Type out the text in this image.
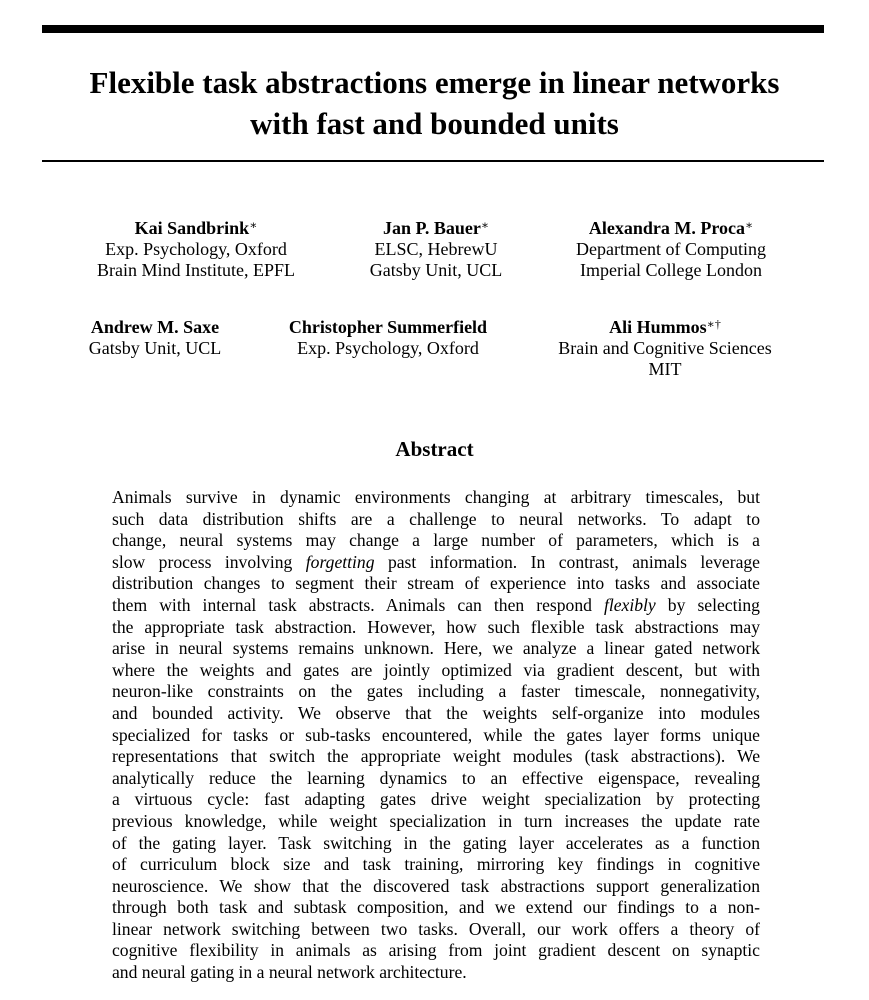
Flexible task abstractions emerge in linear networks
with fast and bounded units
Kai Sandbrink∗
Exp. Psychology, Oxford
Brain Mind Institute, EPFL
Jan P. Bauer∗
ELSC, HebrewU
Gatsby Unit, UCL
Alexandra M. Proca∗
Department of Computing
Imperial College London
Andrew M. Saxe
Gatsby Unit, UCL
Christopher Summerfield
Exp. Psychology, Oxford
Ali Hummos∗†
Brain and Cognitive Sciences
MIT
Abstract
Animals survive in dynamic environments changing at arbitrary timescales, but
such data distribution shifts are a challenge to neural networks. To adapt to
change, neural systems may change a large number of parameters, which is a
slow process involving forgetting past information. In contrast, animals leverage
distribution changes to segment their stream of experience into tasks and associate
them with internal task abstracts. Animals can then respond flexibly by selecting
the appropriate task abstraction. However, how such flexible task abstractions may
arise in neural systems remains unknown. Here, we analyze a linear gated network
where the weights and gates are jointly optimized via gradient descent, but with
neuron-like constraints on the gates including a faster timescale, nonnegativity,
and bounded activity. We observe that the weights self-organize into modules
specialized for tasks or sub-tasks encountered, while the gates layer forms unique
representations that switch the appropriate weight modules (task abstractions). We
analytically reduce the learning dynamics to an effective eigenspace, revealing
a virtuous cycle: fast adapting gates drive weight specialization by protecting
previous knowledge, while weight specialization in turn increases the update rate
of the gating layer. Task switching in the gating layer accelerates as a function
of curriculum block size and task training, mirroring key findings in cognitive
neuroscience. We show that the discovered task abstractions support generalization
through both task and subtask composition, and we extend our findings to a non-
linear network switching between two tasks. Overall, our work offers a theory of
cognitive flexibility in animals as arising from joint gradient descent on synaptic
and neural gating in a neural network architecture.
